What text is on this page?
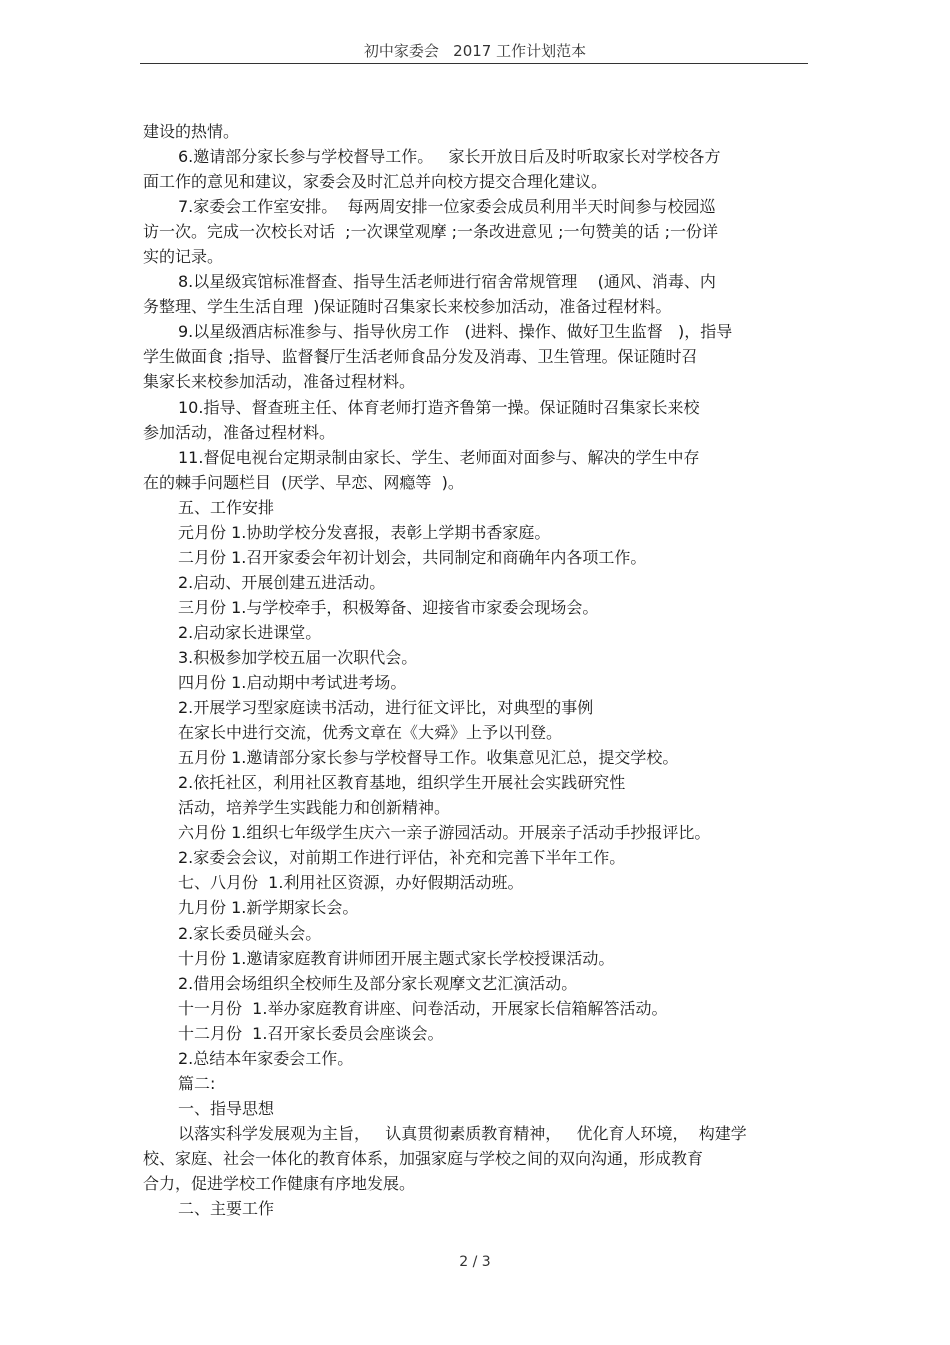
初中家委会   2017 工作计划范本
建设的热情。
6.邀请部分家长参与学校督导工作。   家长开放日后及时听取家长对学校各方
面工作的意见和建议，家委会及时汇总并向校方提交合理化建议。
7.家委会工作室安排。  每两周安排一位家委会成员利用半天时间参与校园巡
访一次。完成一次校长对话  ;一次课堂观摩 ;一条改进意见 ;一句赞美的话 ;一份详
实的记录。
8.以星级宾馆标准督查、指导生活老师进行宿舍常规管理    (通风、消毒、内
务整理、学生生活自理  )保证随时召集家长来校参加活动，准备过程材料。
9.以星级酒店标准参与、指导伙房工作   (进料、操作、做好卫生监督   )，指导
学生做面食 ;指导、监督餐厅生活老师食品分发及消毒、卫生管理。保证随时召
集家长来校参加活动，准备过程材料。
10.指导、督查班主任、体育老师打造齐鲁第一操。保证随时召集家长来校
参加活动，准备过程材料。
11.督促电视台定期录制由家长、学生、老师面对面参与、解决的学生中存
在的棘手问题栏目  (厌学、早恋、网瘾等  )。
五、工作安排
元月份 1.协助学校分发喜报，表彰上学期书香家庭。
二月份 1.召开家委会年初计划会，共同制定和商确年内各项工作。
2.启动、开展创建五进活动。
三月份 1.与学校牵手，积极筹备、迎接省市家委会现场会。
2.启动家长进课堂。
3.积极参加学校五届一次职代会。
四月份 1.启动期中考试进考场。
2.开展学习型家庭读书活动，进行征文评比，对典型的事例
在家长中进行交流，优秀文章在《大舜》上予以刊登。
五月份 1.邀请部分家长参与学校督导工作。收集意见汇总，提交学校。
2.依托社区，利用社区教育基地，组织学生开展社会实践研究性
活动，培养学生实践能力和创新精神。
六月份 1.组织七年级学生庆六一亲子游园活动。开展亲子活动手抄报评比。
2.家委会会议，对前期工作进行评估，补充和完善下半年工作。
七、八月份  1.利用社区资源，办好假期活动班。
九月份 1.新学期家长会。
2.家长委员碰头会。
十月份 1.邀请家庭教育讲师团开展主题式家长学校授课活动。
2.借用会场组织全校师生及部分家长观摩文艺汇演活动。
十一月份  1.举办家庭教育讲座、问卷活动，开展家长信箱解答活动。
十二月份  1.召开家长委员会座谈会。
2.总结本年家委会工作。
篇二:
一、指导思想
以落实科学发展观为主旨，   认真贯彻素质教育精神，   优化育人环境，  构建学
校、家庭、社会一体化的教育体系，加强家庭与学校之间的双向沟通，形成教育
合力，促进学校工作健康有序地发展。
二、主要工作
2 / 3
